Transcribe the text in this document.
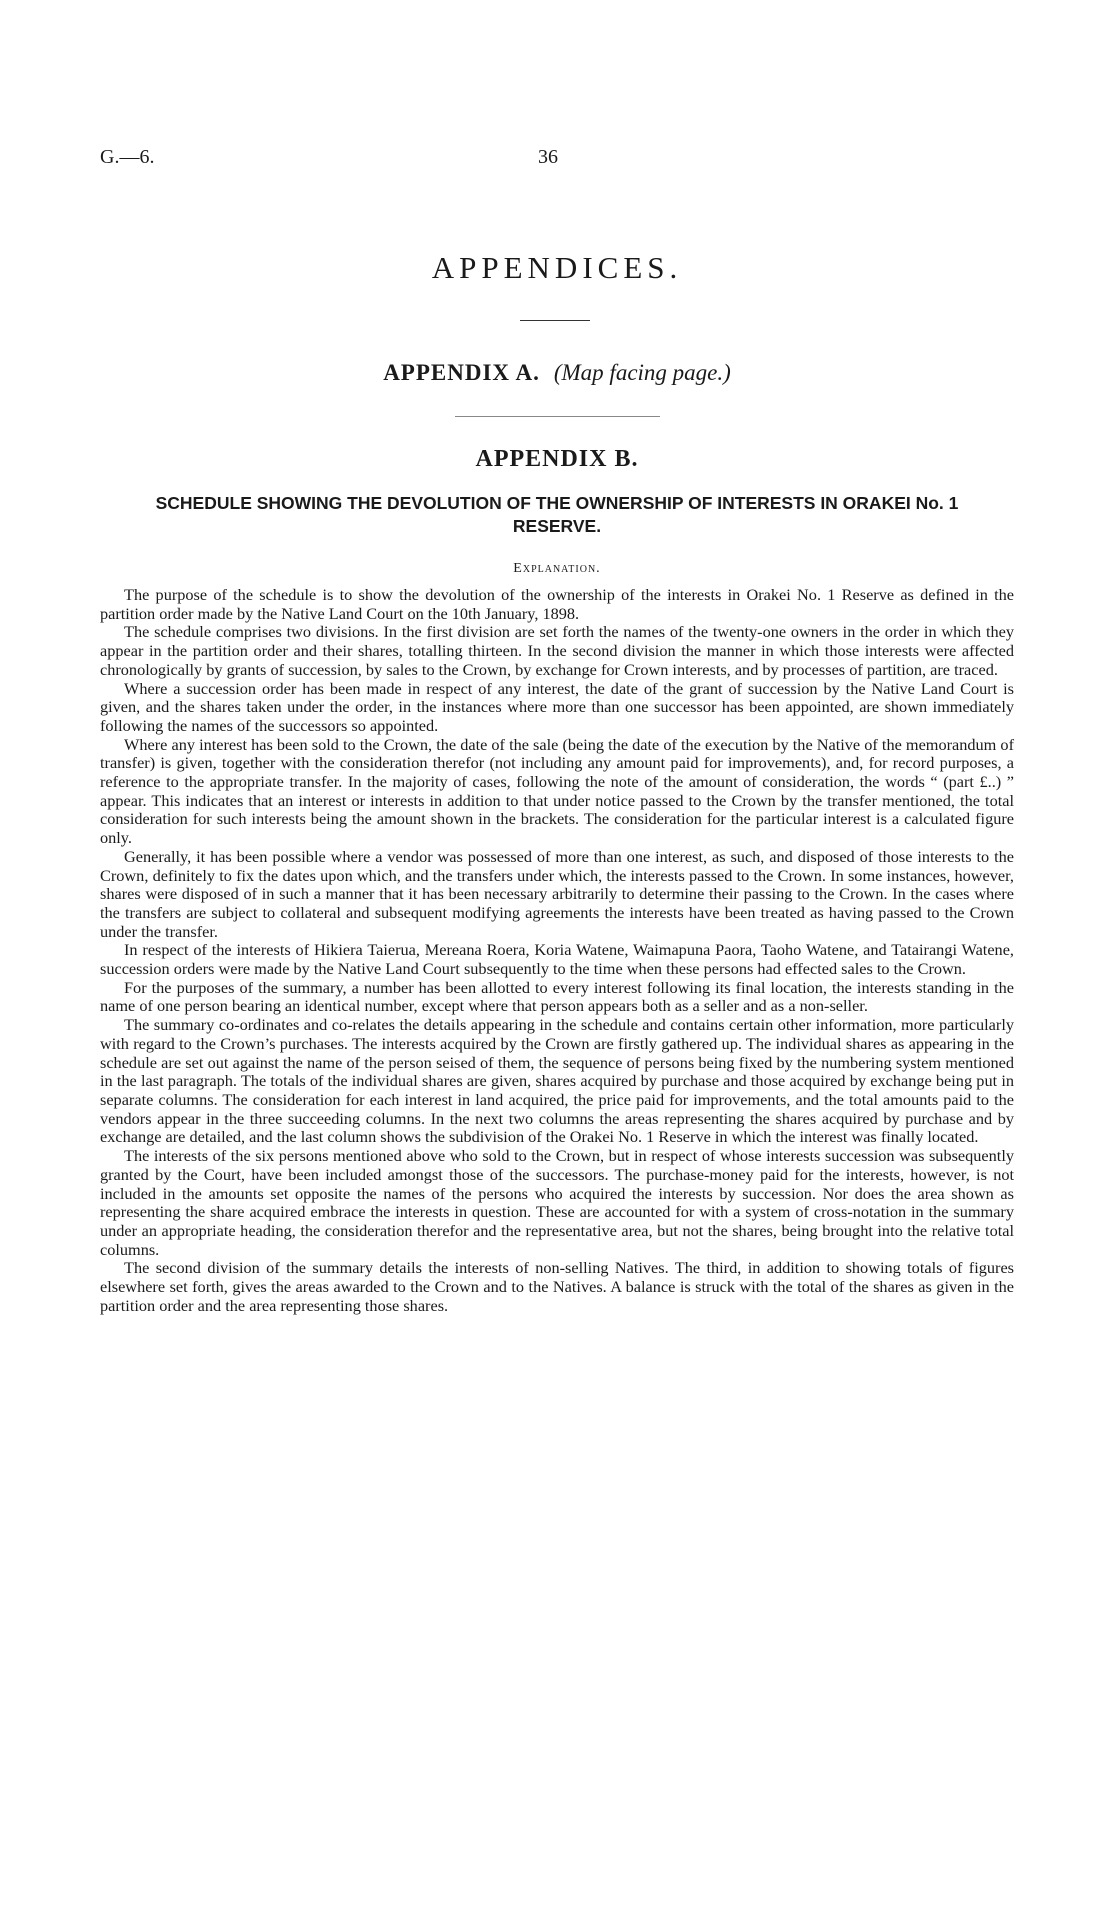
G.—6.	36
APPENDICES.
APPENDIX A. (Map facing page.)
APPENDIX B.
SCHEDULE SHOWING THE DEVOLUTION OF THE OWNERSHIP OF INTERESTS IN ORAKEI No. 1 RESERVE.
Explanation.

The purpose of the schedule is to show the devolution of the ownership of the interests in Orakei No. 1 Reserve as defined in the partition order made by the Native Land Court on the 10th January, 1898.

The schedule comprises two divisions. In the first division are set forth the names of the twenty-one owners in the order in which they appear in the partition order and their shares, totalling thirteen. In the second division the manner in which those interests were affected chronologically by grants of succession, by sales to the Crown, by exchange for Crown interests, and by processes of partition, are traced.

Where a succession order has been made in respect of any interest, the date of the grant of succession by the Native Land Court is given, and the shares taken under the order, in the instances where more than one successor has been appointed, are shown immediately following the names of the successors so appointed.

Where any interest has been sold to the Crown, the date of the sale (being the date of the execution by the Native of the memorandum of transfer) is given, together with the consideration therefor (not including any amount paid for improvements), and, for record purposes, a reference to the appropriate transfer. In the majority of cases, following the note of the amount of consideration, the words “ (part £..) ” appear. This indicates that an interest or interests in addition to that under notice passed to the Crown by the transfer mentioned, the total consideration for such interests being the amount shown in the brackets. The consideration for the particular interest is a calculated figure only.

Generally, it has been possible where a vendor was possessed of more than one interest, as such, and disposed of those interests to the Crown, definitely to fix the dates upon which, and the transfers under which, the interests passed to the Crown. In some instances, however, shares were disposed of in such a manner that it has been necessary arbitrarily to determine their passing to the Crown. In the cases where the transfers are subject to collateral and subsequent modifying agreements the interests have been treated as having passed to the Crown under the transfer.

In respect of the interests of Hikiera Taierua, Mereana Roera, Koria Watene, Waimapuna Paora, Taoho Watene, and Tatairangi Watene, succession orders were made by the Native Land Court subsequently to the time when these persons had effected sales to the Crown.

For the purposes of the summary, a number has been allotted to every interest following its final location, the interests standing in the name of one person bearing an identical number, except where that person appears both as a seller and as a non-seller.

The summary co-ordinates and co-relates the details appearing in the schedule and contains certain other information, more particularly with regard to the Crown’s purchases. The interests acquired by the Crown are firstly gathered up. The individual shares as appearing in the schedule are set out against the name of the person seised of them, the sequence of persons being fixed by the numbering system mentioned in the last paragraph. The totals of the individual shares are given, shares acquired by purchase and those acquired by exchange being put in separate columns. The consideration for each interest in land acquired, the price paid for improvements, and the total amounts paid to the vendors appear in the three succeeding columns. In the next two columns the areas representing the shares acquired by purchase and by exchange are detailed, and the last column shows the subdivision of the Orakei No. 1 Reserve in which the interest was finally located.

The interests of the six persons mentioned above who sold to the Crown, but in respect of whose interests succession was subsequently granted by the Court, have been included amongst those of the successors. The purchase-money paid for the interests, however, is not included in the amounts set opposite the names of the persons who acquired the interests by succession. Nor does the area shown as representing the share acquired embrace the interests in question. These are accounted for with a system of cross-notation in the summary under an appropriate heading, the consideration therefor and the representative area, but not the shares, being brought into the relative total columns.

The second division of the summary details the interests of non-selling Natives. The third, in addition to showing totals of figures elsewhere set forth, gives the areas awarded to the Crown and to the Natives. A balance is struck with the total of the shares as given in the partition order and the area representing those shares.
